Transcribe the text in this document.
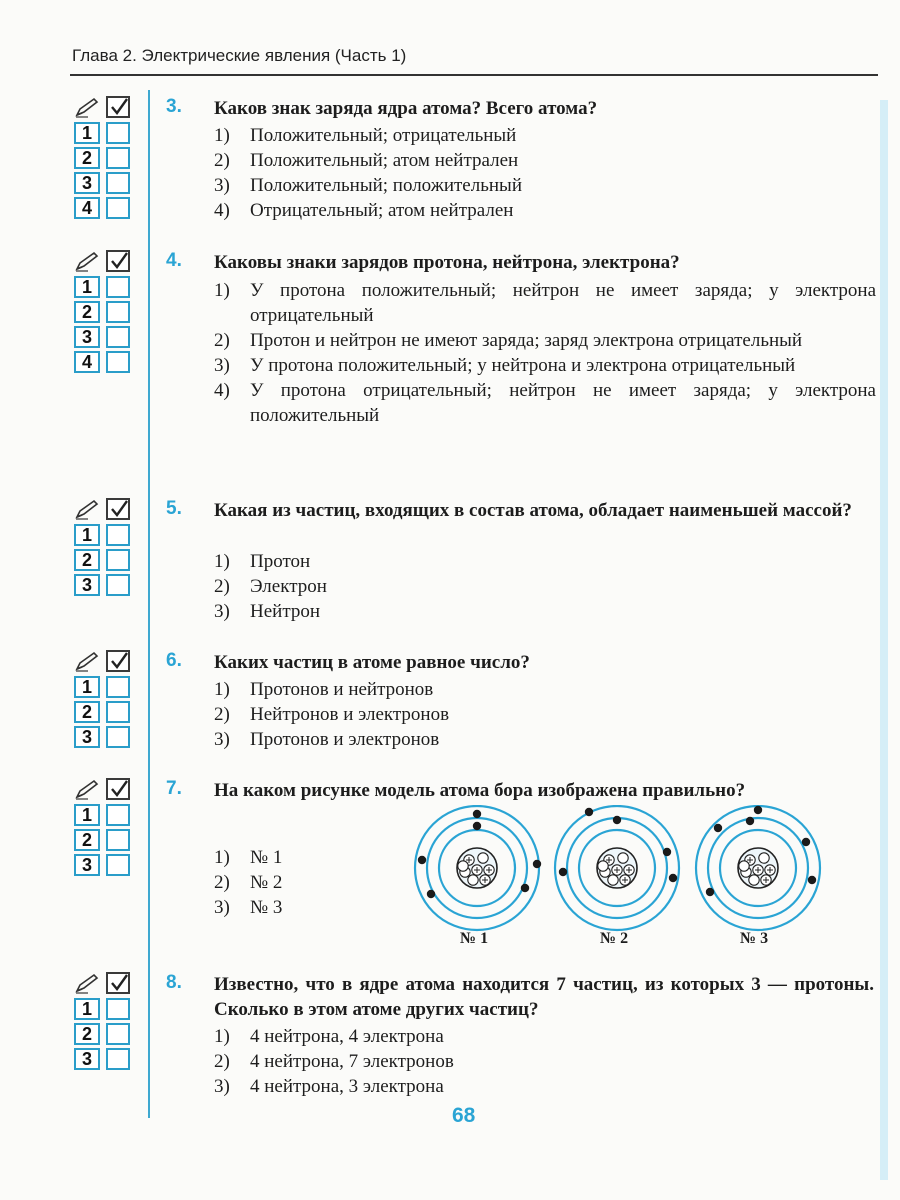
Глава 2. Электрические явления (Часть 1)
1
2
3
4
1
2
3
4
1
2
3
1
2
3
1
2
3
1
2
3
3. Каков знак заряда ядра атома? Всего атома?
1)	Положительный; отрицательный
2)	Положительный; атом нейтрален
3)	Положительный; положительный
4)	Отрицательный; атом нейтрален
4. Каковы знаки зарядов протона, нейтрона, электрона?
1)	У протона положительный; нейтрон не имеет заряда; у электрона отрицательный
2)	Протон и нейтрон не имеют заряда; заряд электрона отрицательный
3)	У протона положительный; у нейтрона и электрона отрицательный
4)	У протона отрицательный; нейтрон не имеет заряда; у электрона положительный
5. Какая из частиц, входящих в состав атома, обладает наименьшей массой?
1)	Протон
2)	Электрон
3)	Нейтрон
6. Каких частиц в атоме равное число?
1)	Протонов и нейтронов
2)	Нейтронов и электронов
3)	Протонов и электронов
7. На каком рисунке модель атома бора изображена правильно?
1)	№ 1
2)	№ 2
3)	№ 3
№ 1	№ 2	№ 3
8. Известно, что в ядре атома находится 7 частиц, из которых 3 — протоны. Сколько в этом атоме других частиц?
1)	4 нейтрона, 4 электрона
2)	4 нейтрона, 7 электронов
3)	4 нейтрона, 3 электрона
68
